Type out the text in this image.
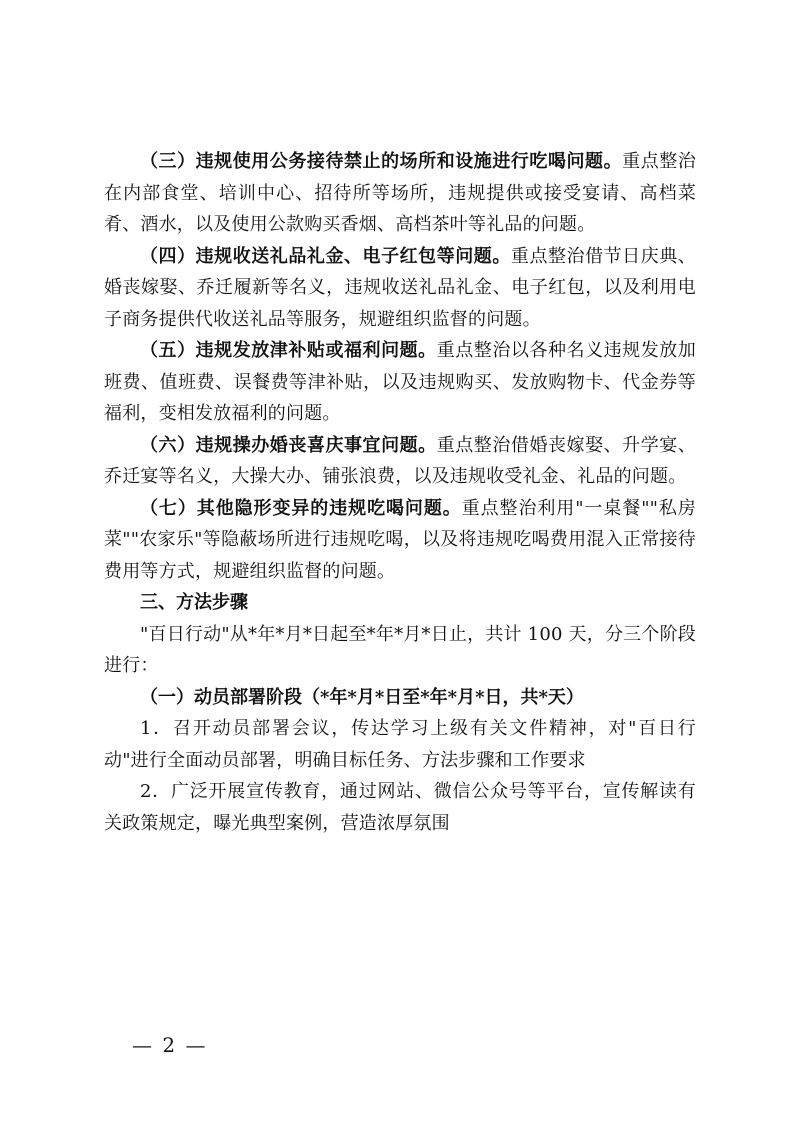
（三）违规使用公务接待禁止的场所和设施进行吃喝问题。重点整治在内部食堂、培训中心、招待所等场所，违规提供或接受宴请、高档菜肴、酒水，以及使用公款购买香烟、高档茶叶等礼品的问题。

（四）违规收送礼品礼金、电子红包等问题。重点整治借节日庆典、婚丧嫁娶、乔迁履新等名义，违规收送礼品礼金、电子红包，以及利用电子商务提供代收送礼品等服务，规避组织监督的问题。

（五）违规发放津补贴或福利问题。重点整治以各种名义违规发放加班费、值班费、误餐费等津补贴，以及违规购买、发放购物卡、代金券等福利，变相发放福利的问题。

（六）违规操办婚丧喜庆事宜问题。重点整治借婚丧嫁娶、升学宴、乔迁宴等名义，大操大办、铺张浪费，以及违规收受礼金、礼品的问题。

（七）其他隐形变异的违规吃喝问题。重点整治利用"一桌餐""私房菜""农家乐"等隐蔽场所进行违规吃喝，以及将违规吃喝费用混入正常接待费用等方式，规避组织监督的问题。

三、方法步骤

"百日行动"从*年*月*日起至*年*月*日止，共计 100 天，分三个阶段进行：

（一）动员部署阶段（*年*月*日至*年*月*日，共*天）

1．召开动员部署会议，传达学习上级有关文件精神，对"百日行动"进行全面动员部署，明确目标任务、方法步骤和工作要求

2．广泛开展宣传教育，通过网站、微信公众号等平台，宣传解读有关政策规定，曝光典型案例，营造浓厚氛围

— 2 —
